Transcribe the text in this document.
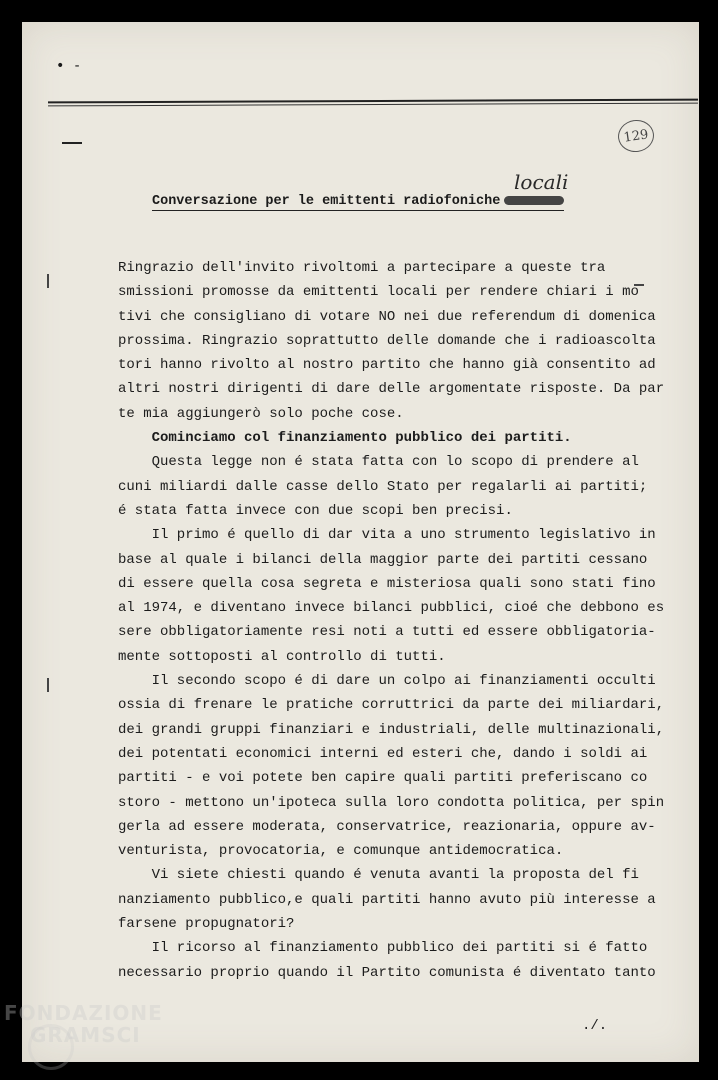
• -
129
locali
Conversazione per le emittenti radiofoniche
Ringrazio dell'invito rivoltomi a partecipare a queste tra
smissioni promosse da emittenti locali per rendere chiari i mo
tivi che consigliano di votare NO nei due referendum di domenica
prossima. Ringrazio soprattutto delle domande che i radioascolta
tori hanno rivolto al nostro partito che hanno già consentito ad
altri nostri dirigenti di dare delle argomentate risposte. Da par
te mia aggiungerò solo poche cose.
Cominciamo col finanziamento pubblico dei partiti.
Questa legge non é stata fatta con lo scopo di prendere al
cuni miliardi dalle casse dello Stato per regalarli ai partiti;
é stata fatta invece con due scopi ben precisi.
Il primo é quello di dar vita a uno strumento legislativo in
base al quale i bilanci della maggior parte dei partiti cessano
di essere quella cosa segreta e misteriosa quali sono stati fino
al 1974, e diventano invece bilanci pubblici, cioé che debbono es
sere obbligatoriamente resi noti a tutti ed essere obbligatoria-
mente sottoposti al controllo di tutti.
Il secondo scopo é di dare un colpo ai finanziamenti occulti
ossia di frenare le pratiche corruttrici da parte dei miliardari,
dei grandi gruppi finanziari e industriali, delle multinazionali,
dei potentati economici interni ed esteri che, dando i soldi ai
partiti - e voi potete ben capire quali partiti preferiscano co
storo - mettono un'ipoteca sulla loro condotta politica, per spin
gerla ad essere moderata, conservatrice, reazionaria, oppure av-
venturista, provocatoria, e comunque antidemocratica.
Vi siete chiesti quando é venuta avanti la proposta del fi
nanziamento pubblico,e quali partiti hanno avuto più interesse a
farsene propugnatori?
Il ricorso al finanziamento pubblico dei partiti si é fatto
necessario proprio quando il Partito comunista é diventato tanto
./.
FONDAZIONE
GRAMSCI
